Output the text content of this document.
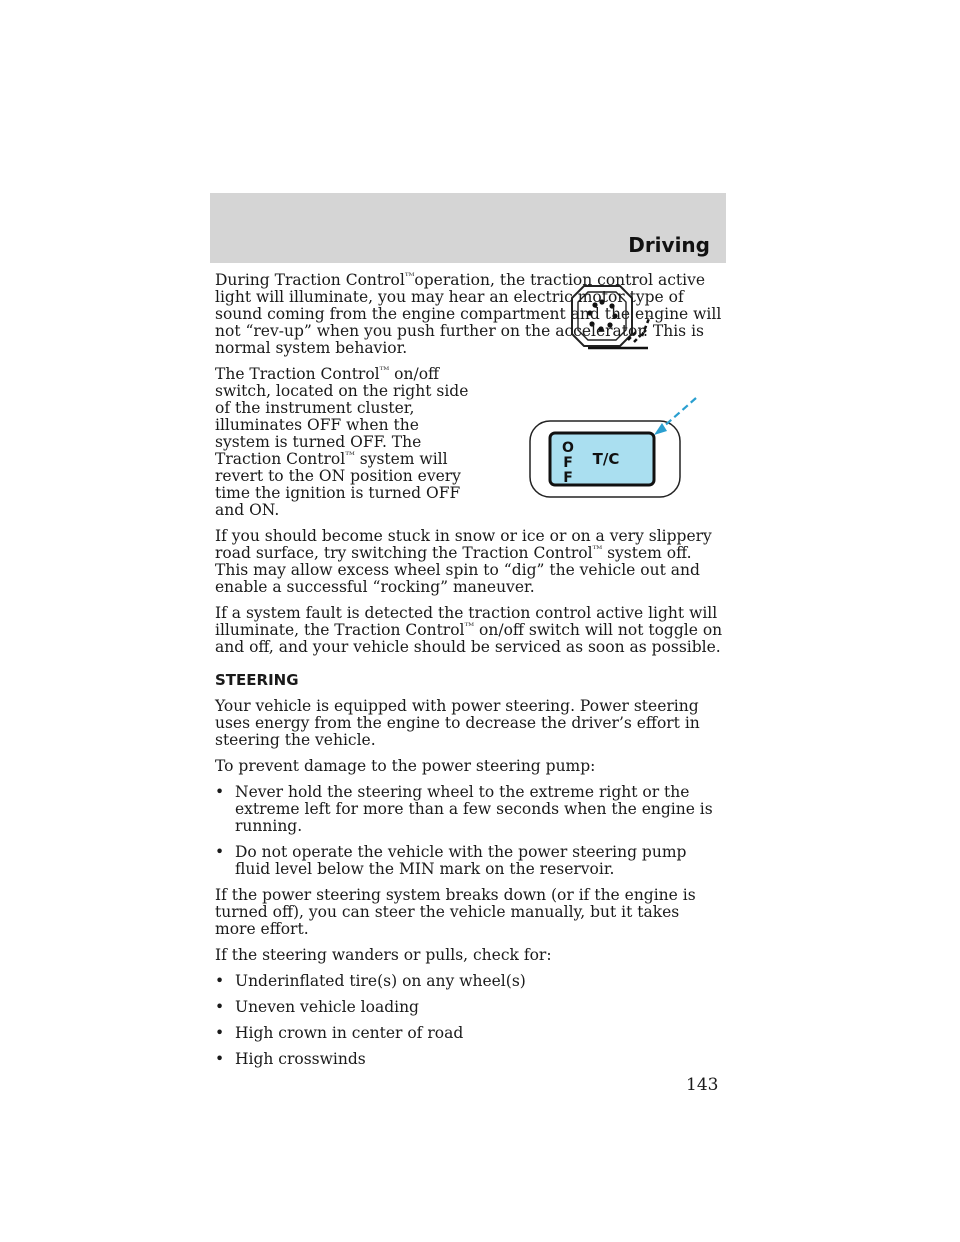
Driving
O
F
F
T/C

During Traction Control$^{ᵀᴹ}$operation, the traction control active light will illuminate, you may hear an electric motor type of sound coming from the engine compartment and the engine will not “rev-up” when you push further on the accelerator. This is normal system behavior.

The Traction Control$^{ᵀᴹ}$ on/off switch, located on the right side of the instrument cluster, illuminates OFF when the system is turned OFF. The Traction Control$^{ᵀᴹ}$ system will revert to the ON position every time the ignition is turned OFF and ON.

If you should become stuck in snow or ice or on a very slippery road surface, try switching the Traction Control$^{ᵀᴹ}$ system off. This may allow excess wheel spin to “dig” the vehicle out and enable a successful “rocking” maneuver.

If a system fault is detected the traction control active light will illuminate, the Traction Control$^{ᵀᴹ}$ on/off switch will not toggle on and off, and your vehicle should be serviced as soon as possible.

STEERING

Your vehicle is equipped with power steering. Power steering uses energy from the engine to decrease the driver’s effort in steering the vehicle.

To prevent damage to the power steering pump:

• Never hold the steering wheel to the extreme right or the extreme left for more than a few seconds when the engine is running.
• Do not operate the vehicle with the power steering pump fluid level below the MIN mark on the reservoir.

If the power steering system breaks down (or if the engine is turned off), you can steer the vehicle manually, but it takes more effort.

If the steering wanders or pulls, check for:

• Underinflated tire(s) on any wheel(s)
• Uneven vehicle loading
• High crown in center of road
• High crosswinds
143
